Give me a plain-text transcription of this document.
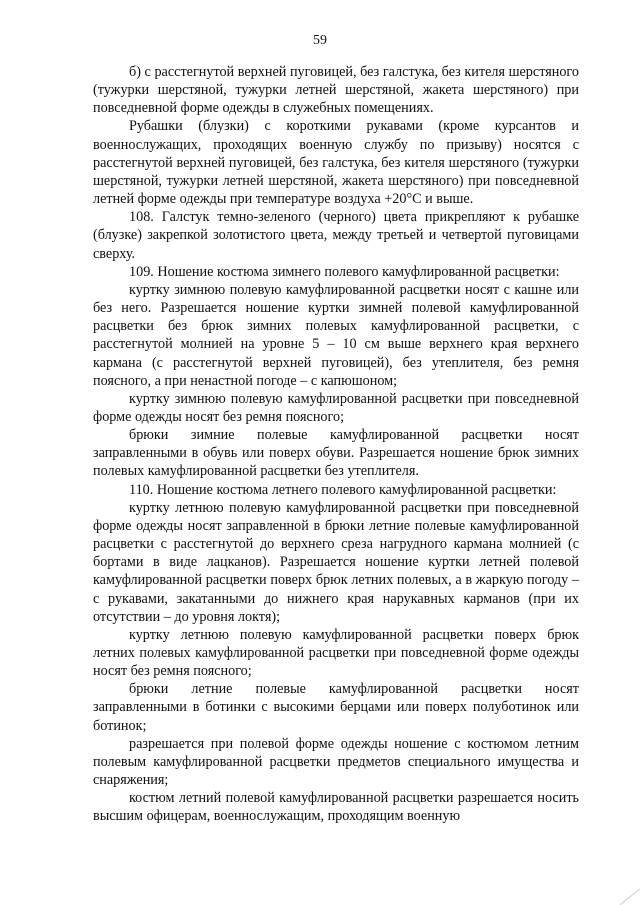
59

б) с расстегнутой верхней пуговицей, без галстука, без кителя шерстяного (тужурки шерстяной, тужурки летней шерстяной, жакета шерстяного) при повседневной форме одежды в служебных помещениях.

Рубашки (блузки) с короткими рукавами (кроме курсантов и военнослужащих, проходящих военную службу по призыву) носятся с расстегнутой верхней пуговицей, без галстука, без кителя шерстяного (тужурки шерстяной, тужурки летней шерстяной, жакета шерстяного) при повседневной летней форме одежды при температуре воздуха +20°С и выше.

108. Галстук темно-зеленого (черного) цвета прикрепляют к рубашке (блузке) закрепкой золотистого цвета, между третьей и четвертой пуговицами сверху.

109. Ношение костюма зимнего полевого камуфлированной расцветки:

куртку зимнюю полевую камуфлированной расцветки носят с кашне или без него. Разрешается ношение куртки зимней полевой камуфлированной расцветки без брюк зимних полевых камуфлированной расцветки, с расстегнутой молнией на уровне 5 – 10 см выше верхнего края верхнего кармана (с расстегнутой верхней пуговицей), без утеплителя, без ремня поясного, а при ненастной погоде – с капюшоном;

куртку зимнюю полевую камуфлированной расцветки при повседневной форме одежды носят без ремня поясного;

брюки зимние полевые камуфлированной расцветки носят заправленными в обувь или поверх обуви. Разрешается ношение брюк зимних полевых камуфлированной расцветки без утеплителя.

110. Ношение костюма летнего полевого камуфлированной расцветки:

куртку летнюю полевую камуфлированной расцветки при повседневной форме одежды носят заправленной в брюки летние полевые камуфлированной расцветки с расстегнутой до верхнего среза нагрудного кармана молнией (с бортами в виде лацканов). Разрешается ношение куртки летней полевой камуфлированной расцветки поверх брюк летних полевых, а в жаркую погоду – с рукавами, закатанными до нижнего края нарукавных карманов (при их отсутствии – до уровня локтя);

куртку летнюю полевую камуфлированной расцветки поверх брюк летних полевых камуфлированной расцветки при повседневной форме одежды носят без ремня поясного;

брюки летние полевые камуфлированной расцветки носят заправленными в ботинки с высокими берцами или поверх полуботинок или ботинок;

разрешается при полевой форме одежды ношение с костюмом летним полевым камуфлированной расцветки предметов специального имущества и снаряжения;

костюм летний полевой камуфлированной расцветки разрешается носить высшим офицерам, военнослужащим, проходящим военную
